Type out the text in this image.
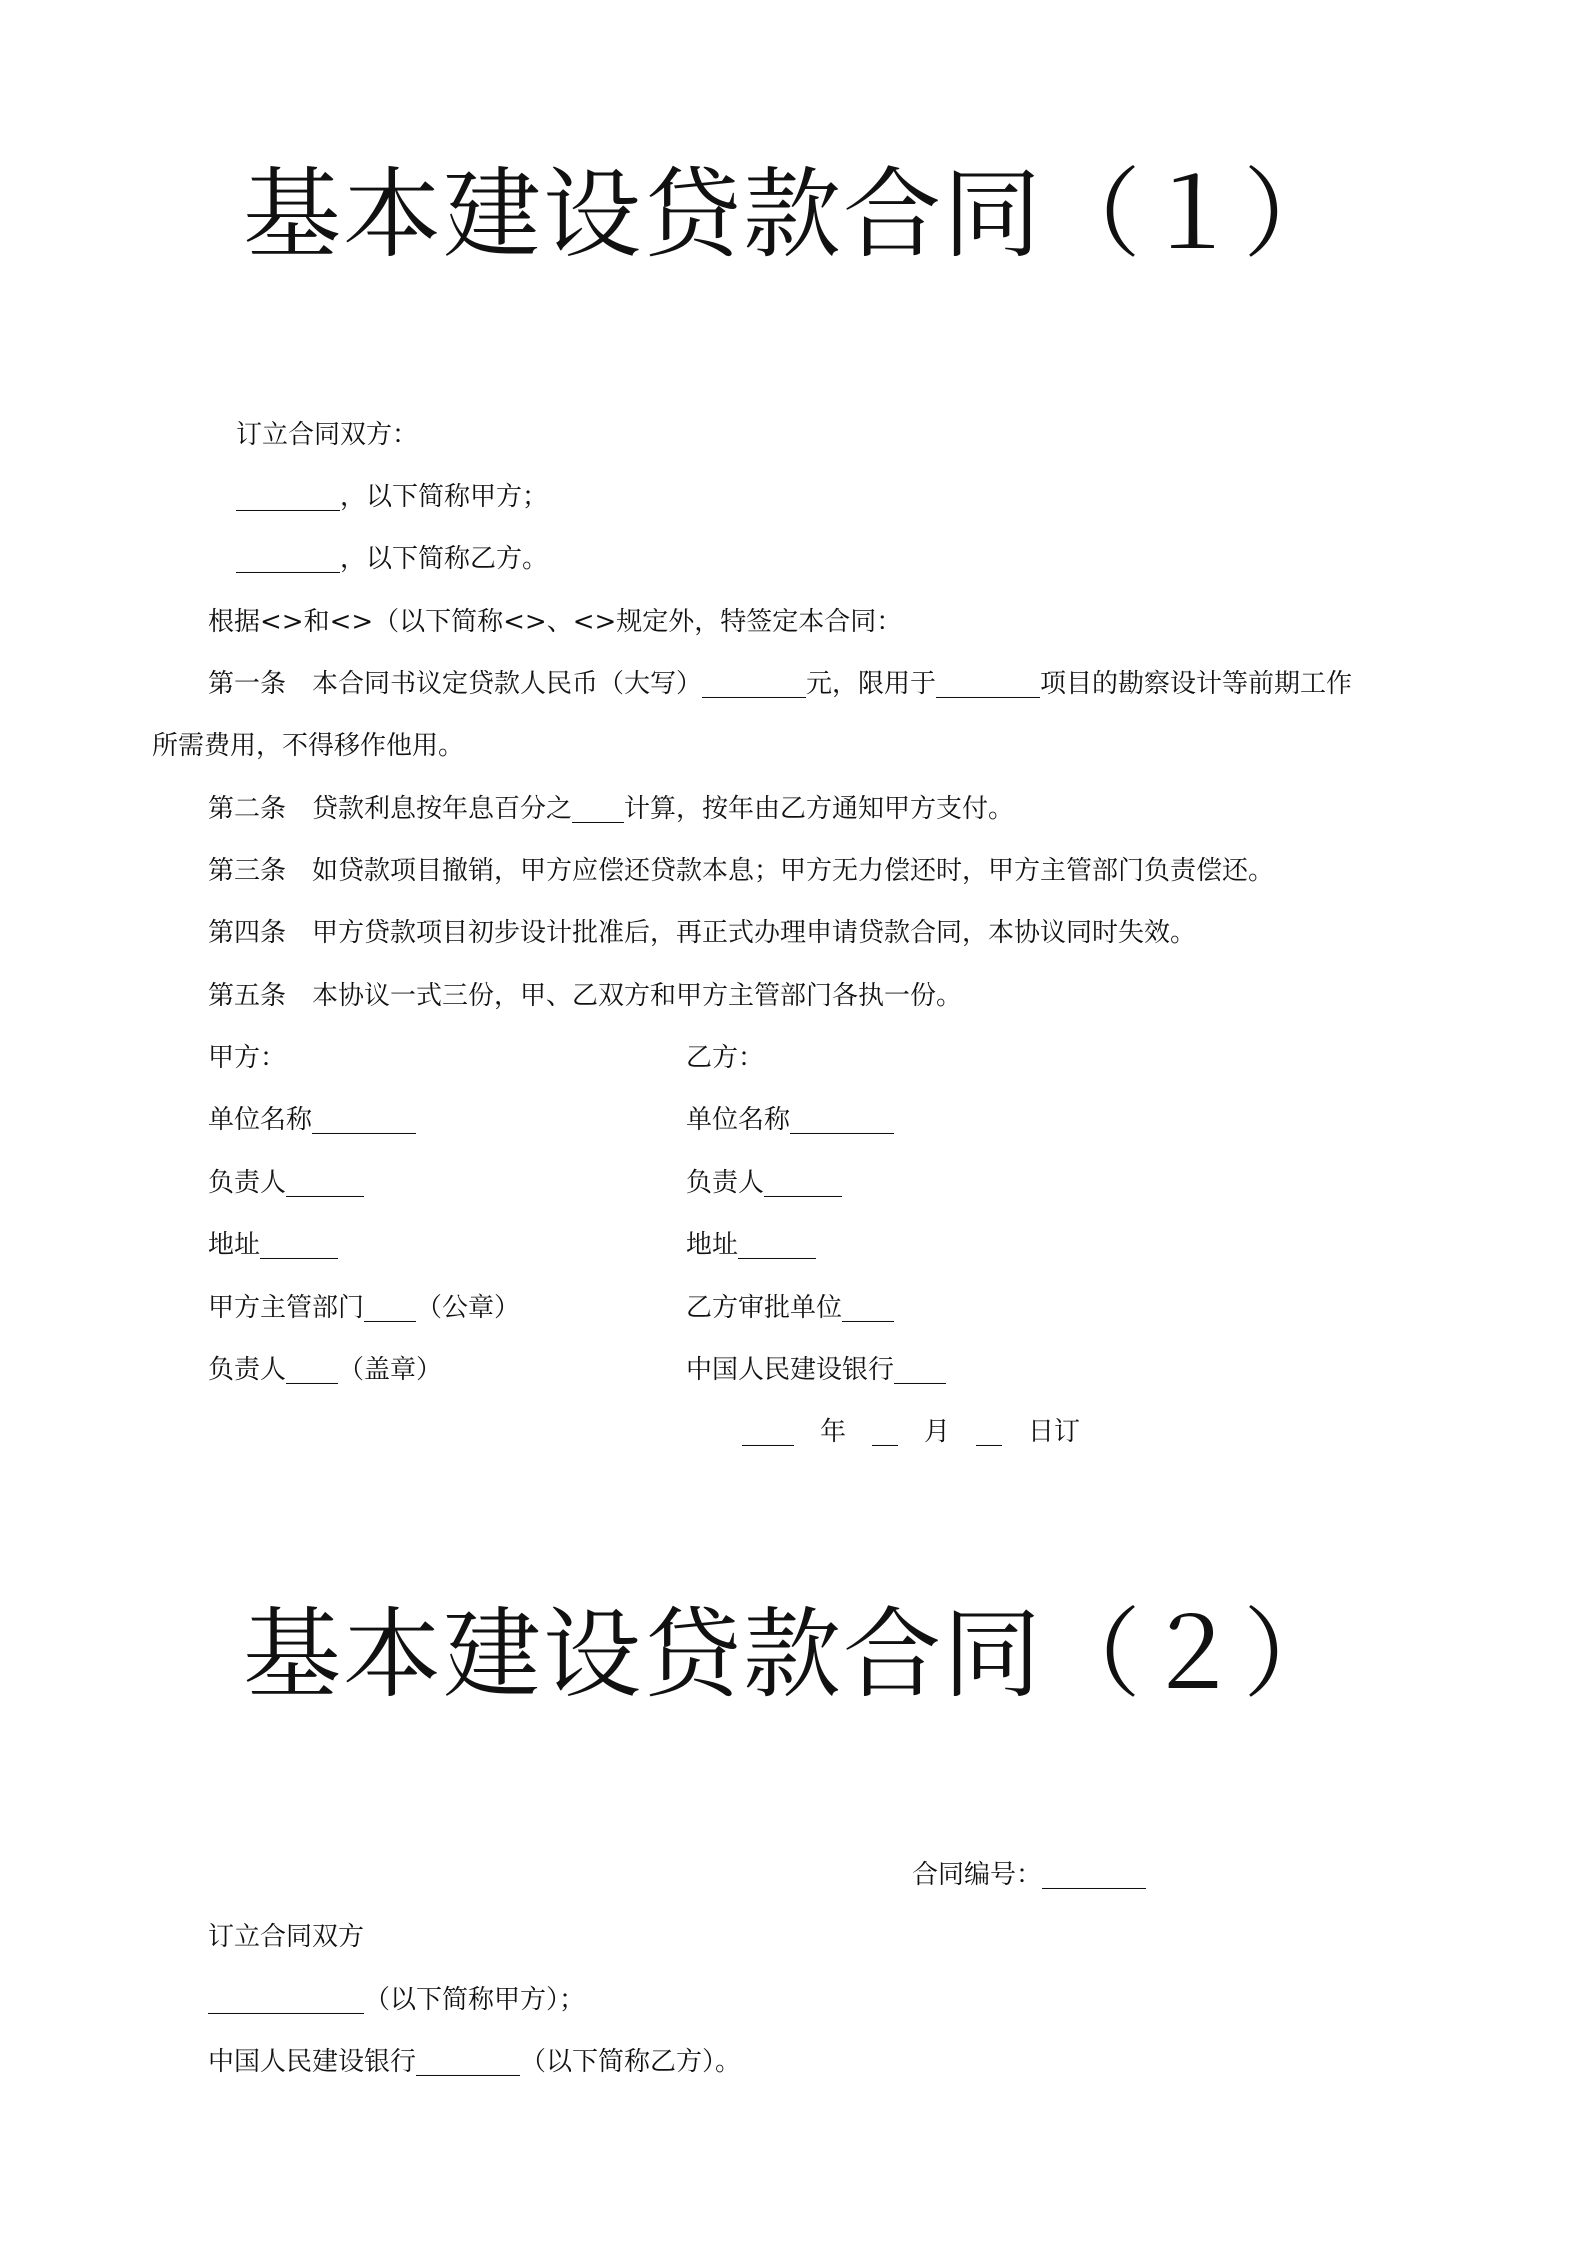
基本建设贷款合同（１）
订立合同双方：
________，以下简称甲方；
________，以下简称乙方。
根据<>和<>（以下简称<>、<>规定外，特签定本合同：
第一条　本合同书议定贷款人民币（大写）________元，限用于________项目的勘察设计等前期工作
所需费用，不得移作他用。
第二条　贷款利息按年息百分之____计算，按年由乙方通知甲方支付。
第三条　如贷款项目撤销，甲方应偿还贷款本息；甲方无力偿还时，甲方主管部门负责偿还。
第四条　甲方贷款项目初步设计批准后，再正式办理申请贷款合同，本协议同时失效。
第五条　本协议一式三份，甲、乙双方和甲方主管部门各执一份。
甲方：
单位名称________
负责人______
地址______
甲方主管部门____（公章）
负责人____（盖章）
乙方：
单位名称________
负责人______
地址______
乙方审批单位____
中国人民建设银行____
____　年　__　月　__　日订
基本建设贷款合同（２）
合同编号：________
订立合同双方
____________（以下简称甲方）；
中国人民建设银行________（以下简称乙方）。
